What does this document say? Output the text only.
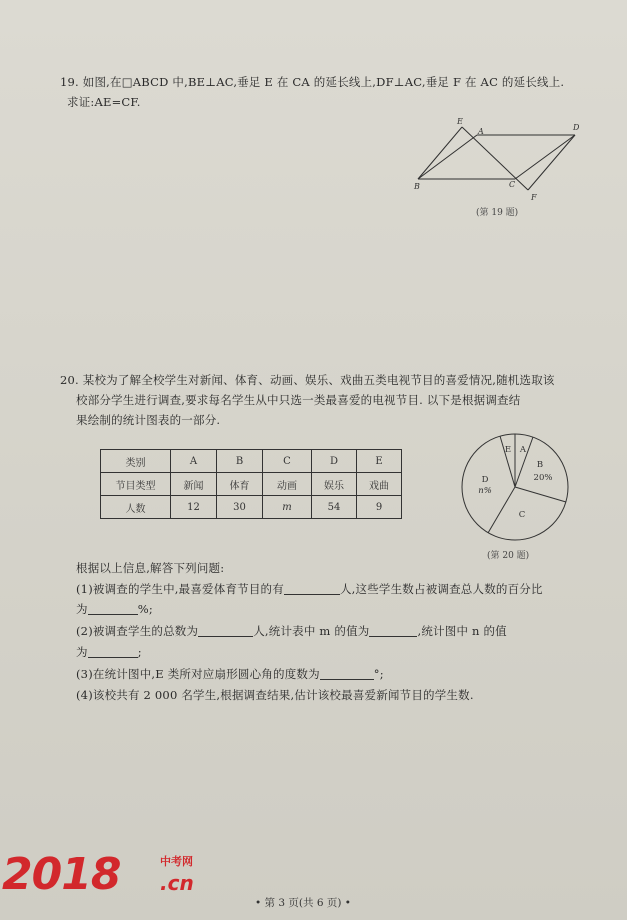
19. 如图,在□ABCD 中,BE⊥AC,垂足 E 在 CA 的延长线上,DF⊥AC,垂足 F 在 AC 的延长线上.
求证:AE=CF.
E
A	D
B	C
F
(第 19 题)
20. 某校为了解全校学生对新闻、体育、动画、娱乐、戏曲五类电视节目的喜爱情况,随机选取该
校部分学生进行调查,要求每名学生从中只选一类最喜爱的电视节目. 以下是根据调查结
果绘制的统计图表的一部分.
类别	A	B	C	D	E
节目类型	新闻	体育	动画	娱乐	戏曲
人数	12	30	m	54	9
E A
B
20%
C
D
n%
(第 20 题)
根据以上信息,解答下列问题:
(1)被调查的学生中,最喜爱体育节目的有	人,这些学生数占被调查总人数的百分比
为	%;
(2)被调查学生的总数为	人,统计表中 m 的值为	,统计图中 n 的值
为	;
(3)在统计图中,E 类所对应扇形圆心角的度数为	°;
(4)该校共有 2 000 名学生,根据调查结果,估计该校最喜爱新闻节目的学生数.
2018 .cn
中考网
• 第 3 页(共 6 页) •
